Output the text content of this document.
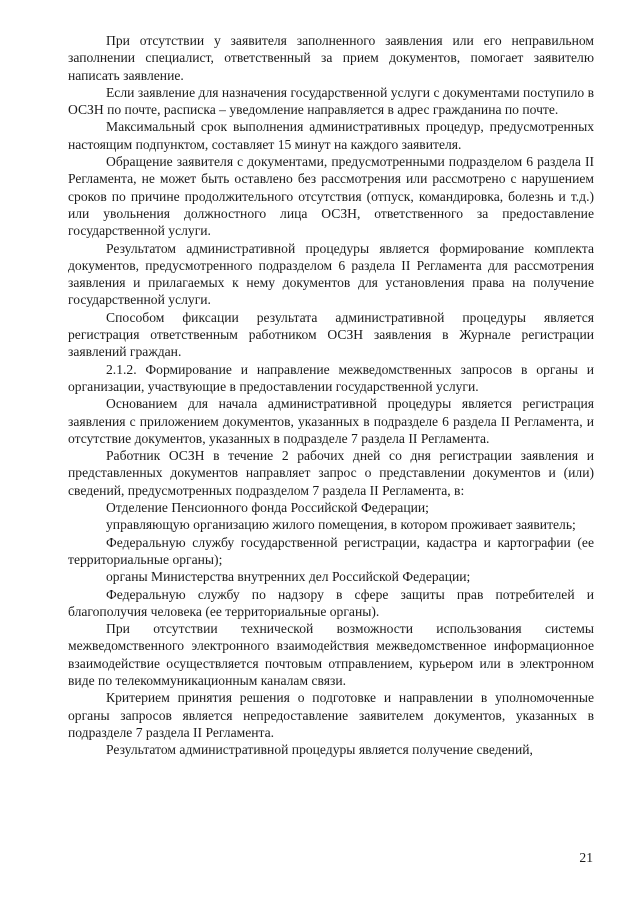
При отсутствии у заявителя заполненного заявления или его неправильном заполнении специалист, ответственный за прием документов, помогает заявителю написать заявление.

Если заявление для назначения государственной услуги с документами поступило в ОСЗН по почте, расписка – уведомление направляется в адрес гражданина по почте.

Максимальный срок выполнения административных процедур, предусмотренных настоящим подпунктом, составляет 15 минут на каждого заявителя.

Обращение заявителя с документами, предусмотренными подразделом 6 раздела II Регламента, не может быть оставлено без рассмотрения или рассмотрено с нарушением сроков по причине продолжительного отсутствия (отпуск, командировка, болезнь и т.д.) или увольнения должностного лица ОСЗН, ответственного за предоставление государственной услуги.

Результатом административной процедуры является формирование комплекта документов, предусмотренного подразделом 6 раздела II Регламента для рассмотрения заявления и прилагаемых к нему документов для установления права на получение государственной услуги.

Способом фиксации результата административной процедуры является регистрация ответственным работником ОСЗН заявления в Журнале регистрации заявлений граждан.

2.1.2. Формирование и направление межведомственных запросов в органы и организации, участвующие в предоставлении государственной услуги.

Основанием для начала административной процедуры является регистрация заявления с приложением документов, указанных в подразделе 6 раздела II Регламента, и отсутствие документов, указанных в подразделе 7 раздела II Регламента.

Работник ОСЗН в течение 2 рабочих дней со дня регистрации заявления и представленных документов направляет запрос о представлении документов и (или) сведений, предусмотренных подразделом 7 раздела II Регламента, в:

Отделение Пенсионного фонда Российской Федерации;

управляющую организацию жилого помещения, в котором проживает заявитель;

Федеральную службу государственной регистрации, кадастра и картографии (ее территориальные органы);

органы Министерства внутренних дел Российской Федерации;

Федеральную службу по надзору в сфере защиты прав потребителей и благополучия человека (ее территориальные органы).

При отсутствии технической возможности использования системы межведомственного электронного взаимодействия межведомственное информационное взаимодействие осуществляется почтовым отправлением, курьером или в электронном виде по телекоммуникационным каналам связи.

Критерием принятия решения о подготовке и направлении в уполномоченные органы запросов является непредоставление заявителем документов, указанных в подразделе 7 раздела II Регламента.

Результатом административной процедуры является получение сведений,

21
